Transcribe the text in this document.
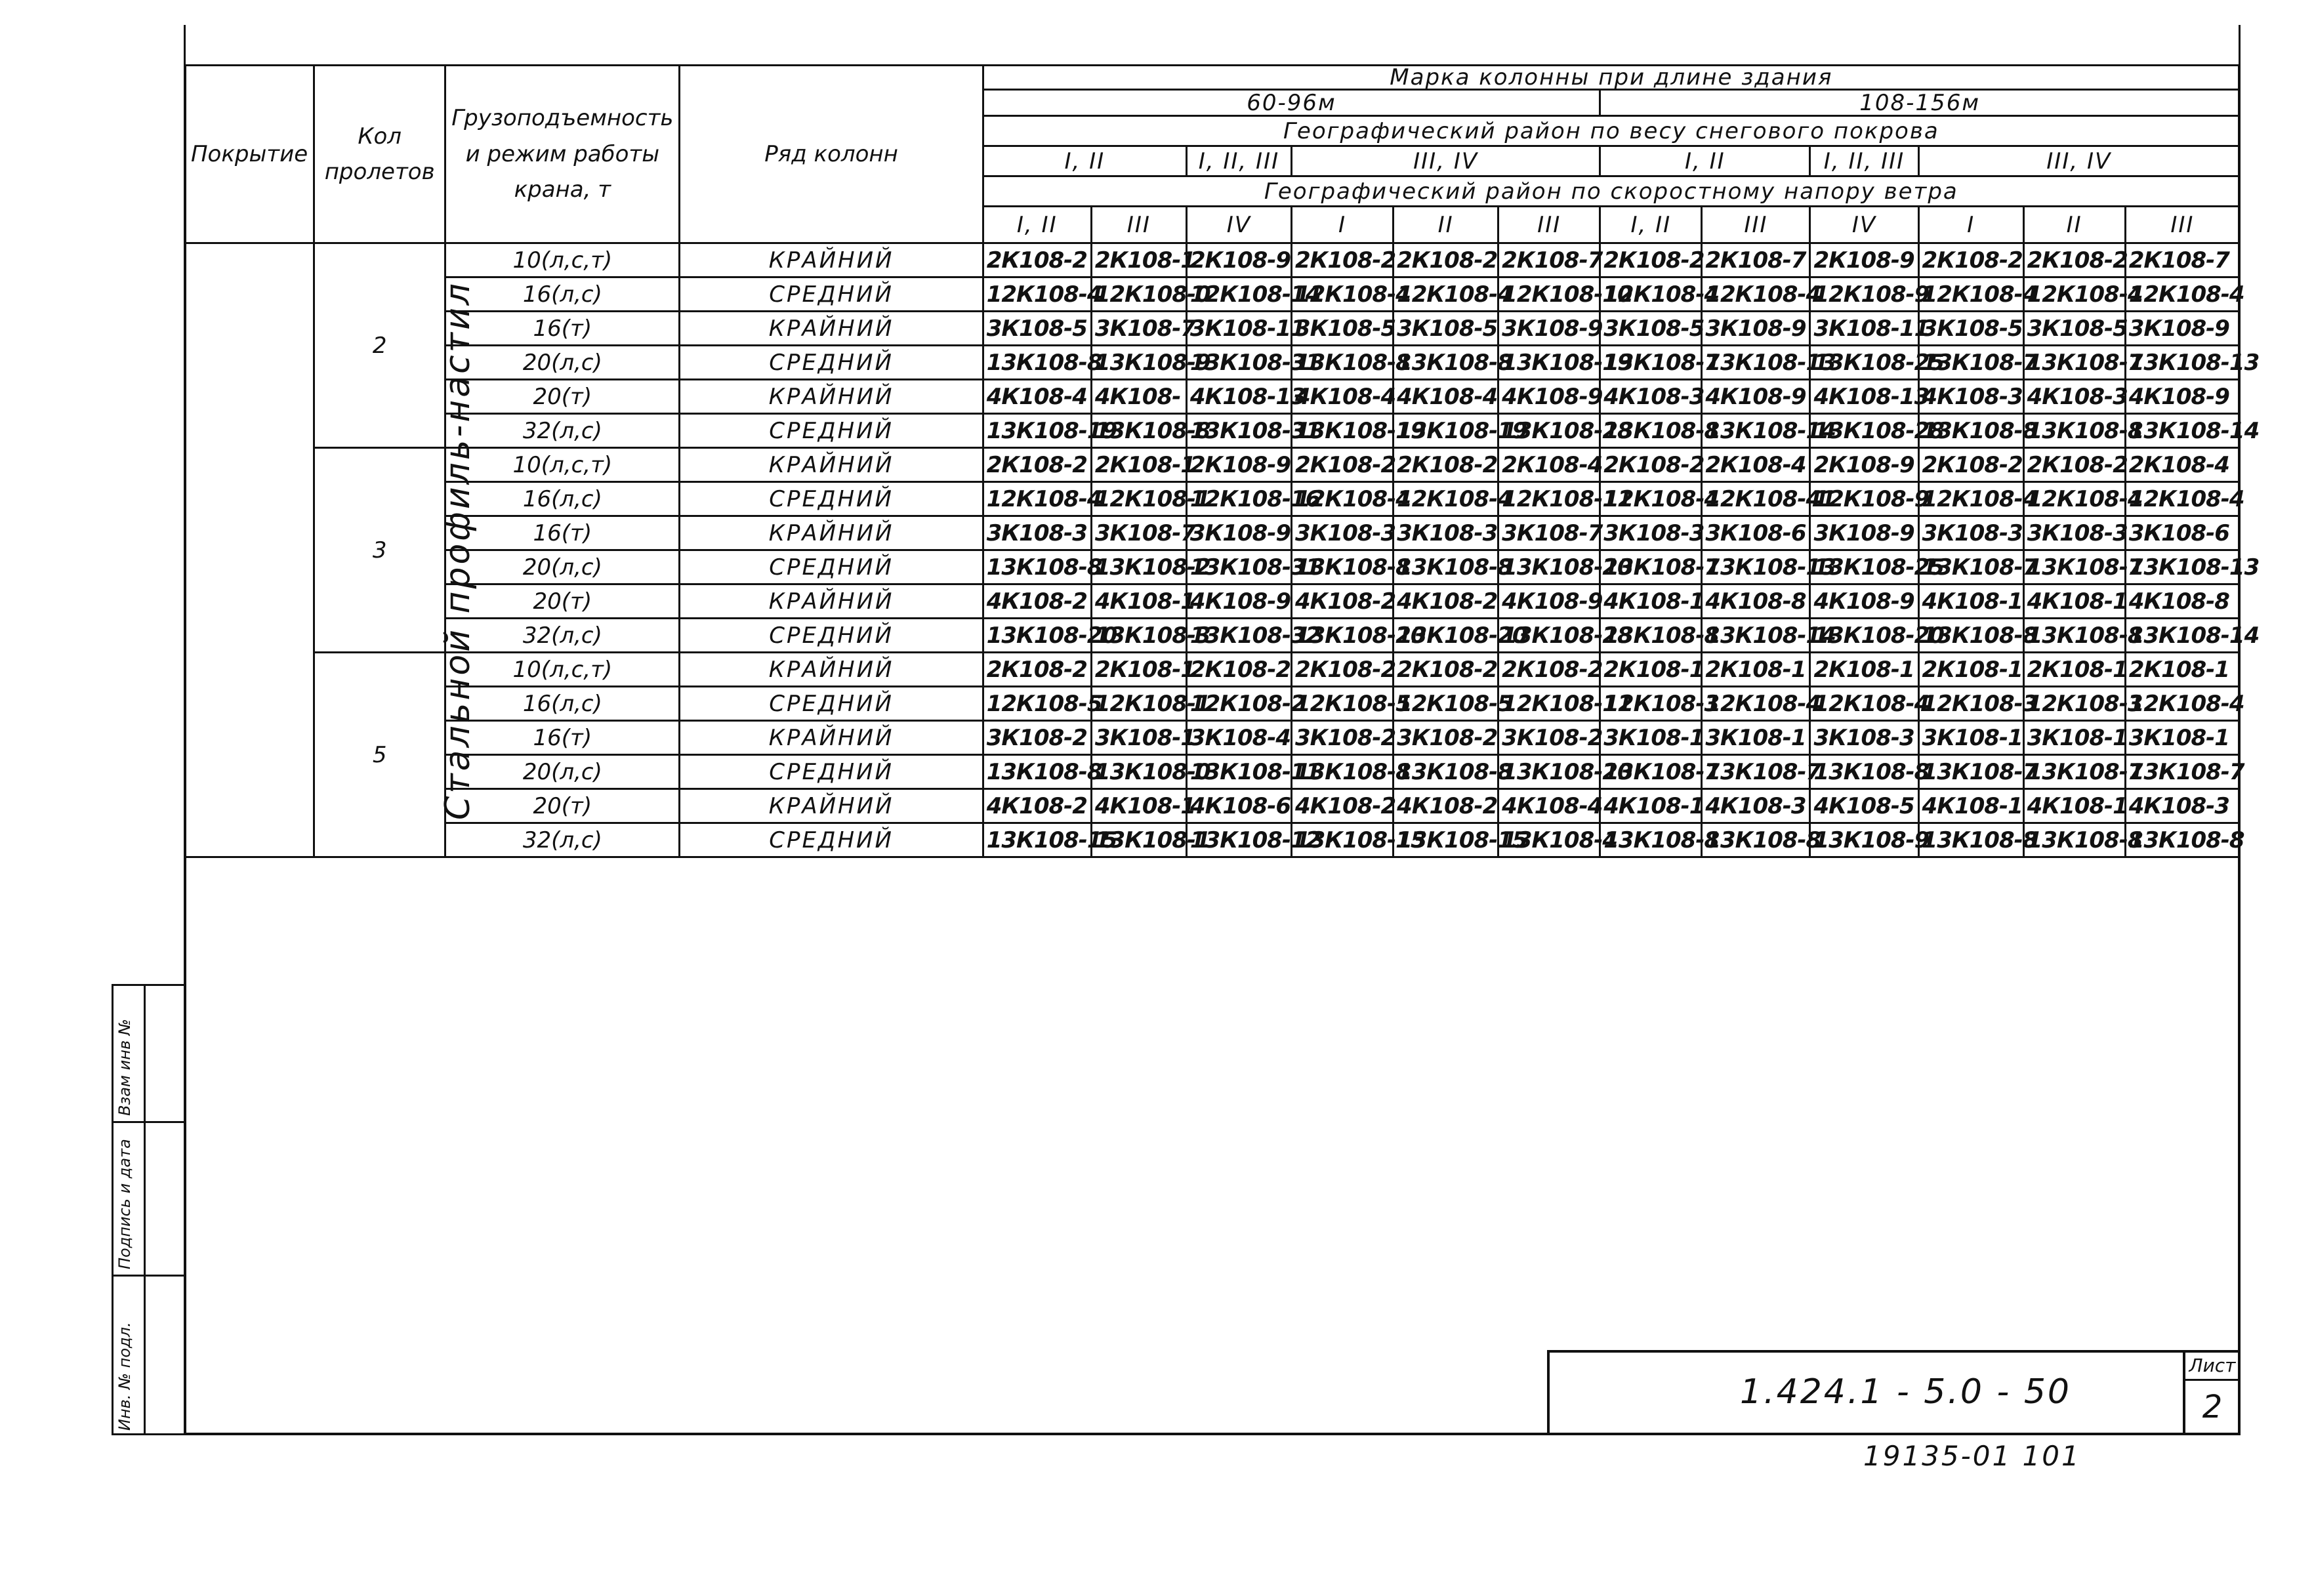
Покрытие	Кол пролетов	Грузоподъемность и режим работы крана, т	Ряд колонн	Марка колонны при длине здания											
				60-96м						108-156м					
				Географический район по весу снегового покрова											
				I, II		I, II, III	III, IV			I, II		I, II, III	III, IV		
				Географический район по скоростному напору ветра											
				I, II	III	IV	I	II	III	I, II	III	IV	I	II	III
Стальной профиль-настил	2	10(л,с,т)	КРАЙНИЙ	2К108-2	2К108-1	2К108-9	2К108-2	2К108-2	2К108-7	2К108-2	2К108-7	2К108-9	2К108-2	2К108-2	2К108-7
		16(л,с)	СРЕДНИЙ	12К108-4	12К108-0	12К108-14	12К108-4	12К108-4	12К108-10	12К108-4	12К108-4	12К108-9	12К108-4	12К108-4	12К108-4
		16(т)	КРАЙНИЙ	3К108-5	3К108-7	3К108-11	3К108-5	3К108-5	3К108-9	3К108-5	3К108-9	3К108-11	3К108-5	3К108-5	3К108-9
		20(л,с)	СРЕДНИЙ	13К108-8	13К108-9	13К108-31	13К108-8	13К108-8	13К108-19	13К108-7	13К108-13	13К108-25	13К108-7	13К108-7	13К108-13
		20(т)	КРАЙНИЙ	4К108-4	4К108-	4К108-13	4К108-4	4К108-4	4К108-9	4К108-3	4К108-9	4К108-13	4К108-3	4К108-3	4К108-9
		32(л,с)	СРЕДНИЙ	13К108-19	13К108-8	13К108-31	13К108-19	13К108-19	13К108-28	13К108-8	13К108-14	13К108-28	13К108-8	13К108-8	13К108-14
	3	10(л,с,т)	КРАЙНИЙ	2К108-2	2К108-1	2К108-9	2К108-2	2К108-2	2К108-4	2К108-2	2К108-4	2К108-9	2К108-2	2К108-2	2К108-4
		16(л,с)	СРЕДНИЙ	12К108-4	12К108-1	12К108-16	12К108-4	12К108-4	12К108-11	12К108-4	12К108-41	12К108-9	12К108-4	12К108-4	12К108-4
		16(т)	КРАЙНИЙ	3К108-3	3К108-7	3К108-9	3К108-3	3К108-3	3К108-7	3К108-3	3К108-6	3К108-9	3К108-3	3К108-3	3К108-6
		20(л,с)	СРЕДНИЙ	13К108-8	13К108-2	13К108-31	13К108-8	13К108-8	13К108-20	13К108-7	13К108-13	13К108-25	13К108-7	13К108-7	13К108-13
		20(т)	КРАЙНИЙ	4К108-2	4К108-1	4К108-9	4К108-2	4К108-2	4К108-9	4К108-1	4К108-8	4К108-9	4К108-1	4К108-1	4К108-8
		32(л,с)	СРЕДНИЙ	13К108-20	13К108-3	13К108-32	13К108-20	13К108-20	13К108-28	13К108-8	13К108-14	13К108-20	13К108-8	13К108-8	13К108-14
	5	10(л,с,т)	КРАЙНИЙ	2К108-2	2К108-1	2К108-2	2К108-2	2К108-2	2К108-2	2К108-1	2К108-1	2К108-1	2К108-1	2К108-1	2К108-1
		16(л,с)	СРЕДНИЙ	12К108-5	12К108-1	12К108-2	12К108-5	12К108-5	12К108-11	12К108-3	12К108-4	12К108-4	12К108-3	12К108-3	12К108-4
		16(т)	КРАЙНИЙ	3К108-2	3К108-1	3К108-4	3К108-2	3К108-2	3К108-2	3К108-1	3К108-1	3К108-3	3К108-1	3К108-1	3К108-1
		20(л,с)	СРЕДНИЙ	13К108-8	13К108-0	13К108-11	13К108-8	13К108-8	13К108-20	13К108-7	13К108-7	13К108-8	13К108-7	13К108-7	13К108-7
		20(т)	КРАЙНИЙ	4К108-2	4К108-1	4К108-6	4К108-2	4К108-2	4К108-4	4К108-1	4К108-3	4К108-5	4К108-1	4К108-1	4К108-3
		32(л,с)	СРЕДНИЙ	13К108-15	13К108-1	13К108-12	13К108-15	13К108-15	13К108-4	13К108-8	13К108-8	13К108-9	13К108-8	13К108-8	13К108-8
Взам инв №
Подпись и дата
Инв. № подл.	1.424.1 - 5.0 - 50
Лист
2
19135-01 101
